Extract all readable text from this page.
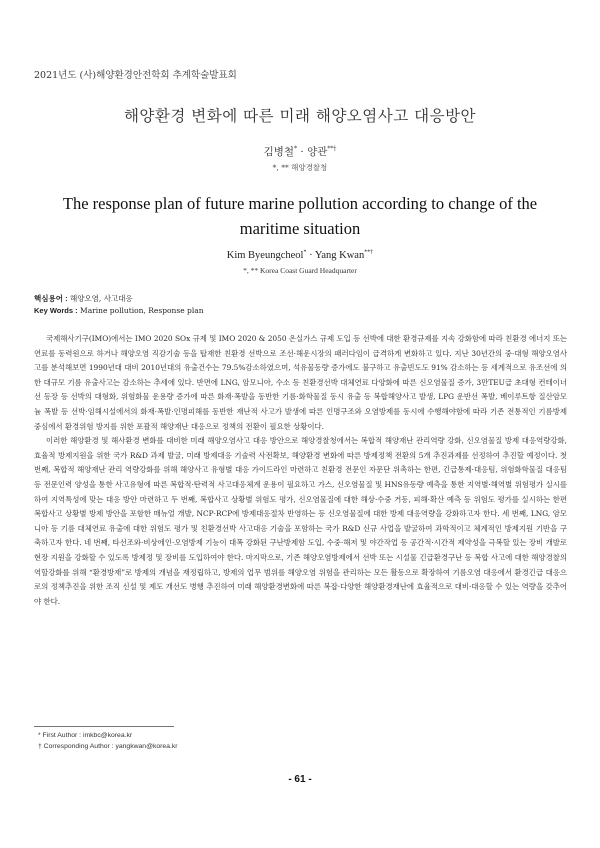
2021년도 (사)해양환경안전학회 추계학술발표회
해양환경 변화에 따른 미래 해양오염사고 대응방안
김병철* · 양관**†
*, ** 해양경찰청
The response plan of future marine pollution according to change of the maritime situation
Kim Byeungcheol* · Yang Kwan**†
*, ** Korea Coast Guard Headquarter
핵심용어 : 해양오염, 사고대응
Key Words : Marine pollution, Response plan

국제해사기구(IMO)에서는 IMO 2020 SOx 규제 및 IMO 2020 & 2050 온실가스 규제 도입 등 선박에 대한 환경규제를 지속 강화함에 따라 친환경 에너지 또는 연료를 동력원으로 하거나 해양오염 직감기술 등을 탑재한 친환경 선박으로 조선·해운시장의 패러다임이 급격하게 변화하고 있다. 지난 30년간의 중·대형 해양오염사고를 분석해보면 1990년대 대비 2010년대의 유출건수는 79.5%감소하였으며, 석유물동량 증가에도 불구하고 유출빈도도 91% 감소하는 등 세계적으로 유조선에 의한 대규모 기름 유출사고는 감소하는 추세에 있다. 반면에 LNG, 암모니아, 수소 등 친환경선박 대체연료 다양화에 따른 신오염물질 증가, 3만TEU급 초대형 컨테이너선 등장 등 선박의 대형화, 위험화물 운용량 증가에 따른 화재·폭발을 동반한 기름·화학물질 동시 유출 등 복합해양사고 발생, LPG 운반선 폭발, 베이루트항 질산암모늄 폭발 등 선박·임해시설에서의 화재·폭발·인명피해를 동반한 재난적 사고가 발생에 따른 인명구조와 오염방제를 동시에 수행해야함에 따라 기존 전통적인 기름방제 중심에서 환경위험 방지를 위한 포괄적 해양재난 대응으로 정책의 전환이 필요한 상황이다.

이러한 해양환경 및 해사환경 변화를 대비한 미래 해양오염사고 대응 방안으로 해양경찰청에서는 복합적 해양재난 관리역량 강화, 신오염물질 방제 대응역량강화, 효율적 방제지원을 위한 국가 R&D 과제 발굴, 미래 방제대응 기술력 사전확보, 해양환경 변화에 따른 방제정책 전환의 5개 추진과제를 선정하여 추진할 예정이다. 첫 번째, 복합적 해양재난 관리 역량강화를 위해 해양사고 유형별 대응 가이드라인 마련하고 친환경 전문인 자문단 위촉하는 한편, 긴급통제·대응팀, 위험화학물질 대응팀 등 전문인력 양성을 통한 사고유형에 따른 복합적·탄력적 사고대응체계 운용이 필요하고 가스, 신오염물질 및 HNS유동량 예측을 통한 지역별·해역별 위험평가 실시를 하여 지역특성에 맞는 대응 방안 마련하고 두 번째, 복합사고 상황별 위험도 평가, 신오염물질에 대한 해상·수중 거동, 피해·확산 예측 등 위험도 평가를 실시하는 한편 복합사고 상황별 방제 방안을 포함한 매뉴얼 개발, NCP·RCP에 방제대응절차 반영하는 등 신오염물질에 대한 방제 대응역량을 강화하고자 한다. 세 번째, LNG, 암모니아 등 기름 대체연료 유출에 대한 위험도 평가 및 친환경선박 사고대응 기술을 포함하는 국가 R&D 신규 사업을 발굴하여 과학적이고 체계적인 방제지원 기반을 구축하고자 한다. 네 번째, 타선조와·비상에인·오염방제 기능이 대폭 강화된 구난방제함 도입, 수중·해저 및 야간작업 등 공간적·시간적 제약성을 극복할 있는 장비 개발로 현장 지원을 강화할 수 있도록 방제정 및 장비를 도입하여야 한다. 마지막으로, 기존 해양오염방제에서 선박 또는 시설물 긴급환경구난 등 복합 사고에 대한 해양경찰의 역할강화를 위해 “환경방재”로 방제의 개념을 재정립하고, 방제의 업무 범위를 해양오염 위험을 관리하는 모든 활동으로 확장하여 기름오염 대응에서 환경긴급 대응으로의 정책추진을 위한 조직 신설 및 제도 개선도 병행 추진하여 미래 해양환경변화에 따른 복잡·다양한 해양환경재난에 효율적으로 대비·대응할 수 있는 역량을 갖추어야 한다.

* First Author : imkbc@korea.kr
† Corresponding Author : yangkwan@korea.kr
- 61 -
